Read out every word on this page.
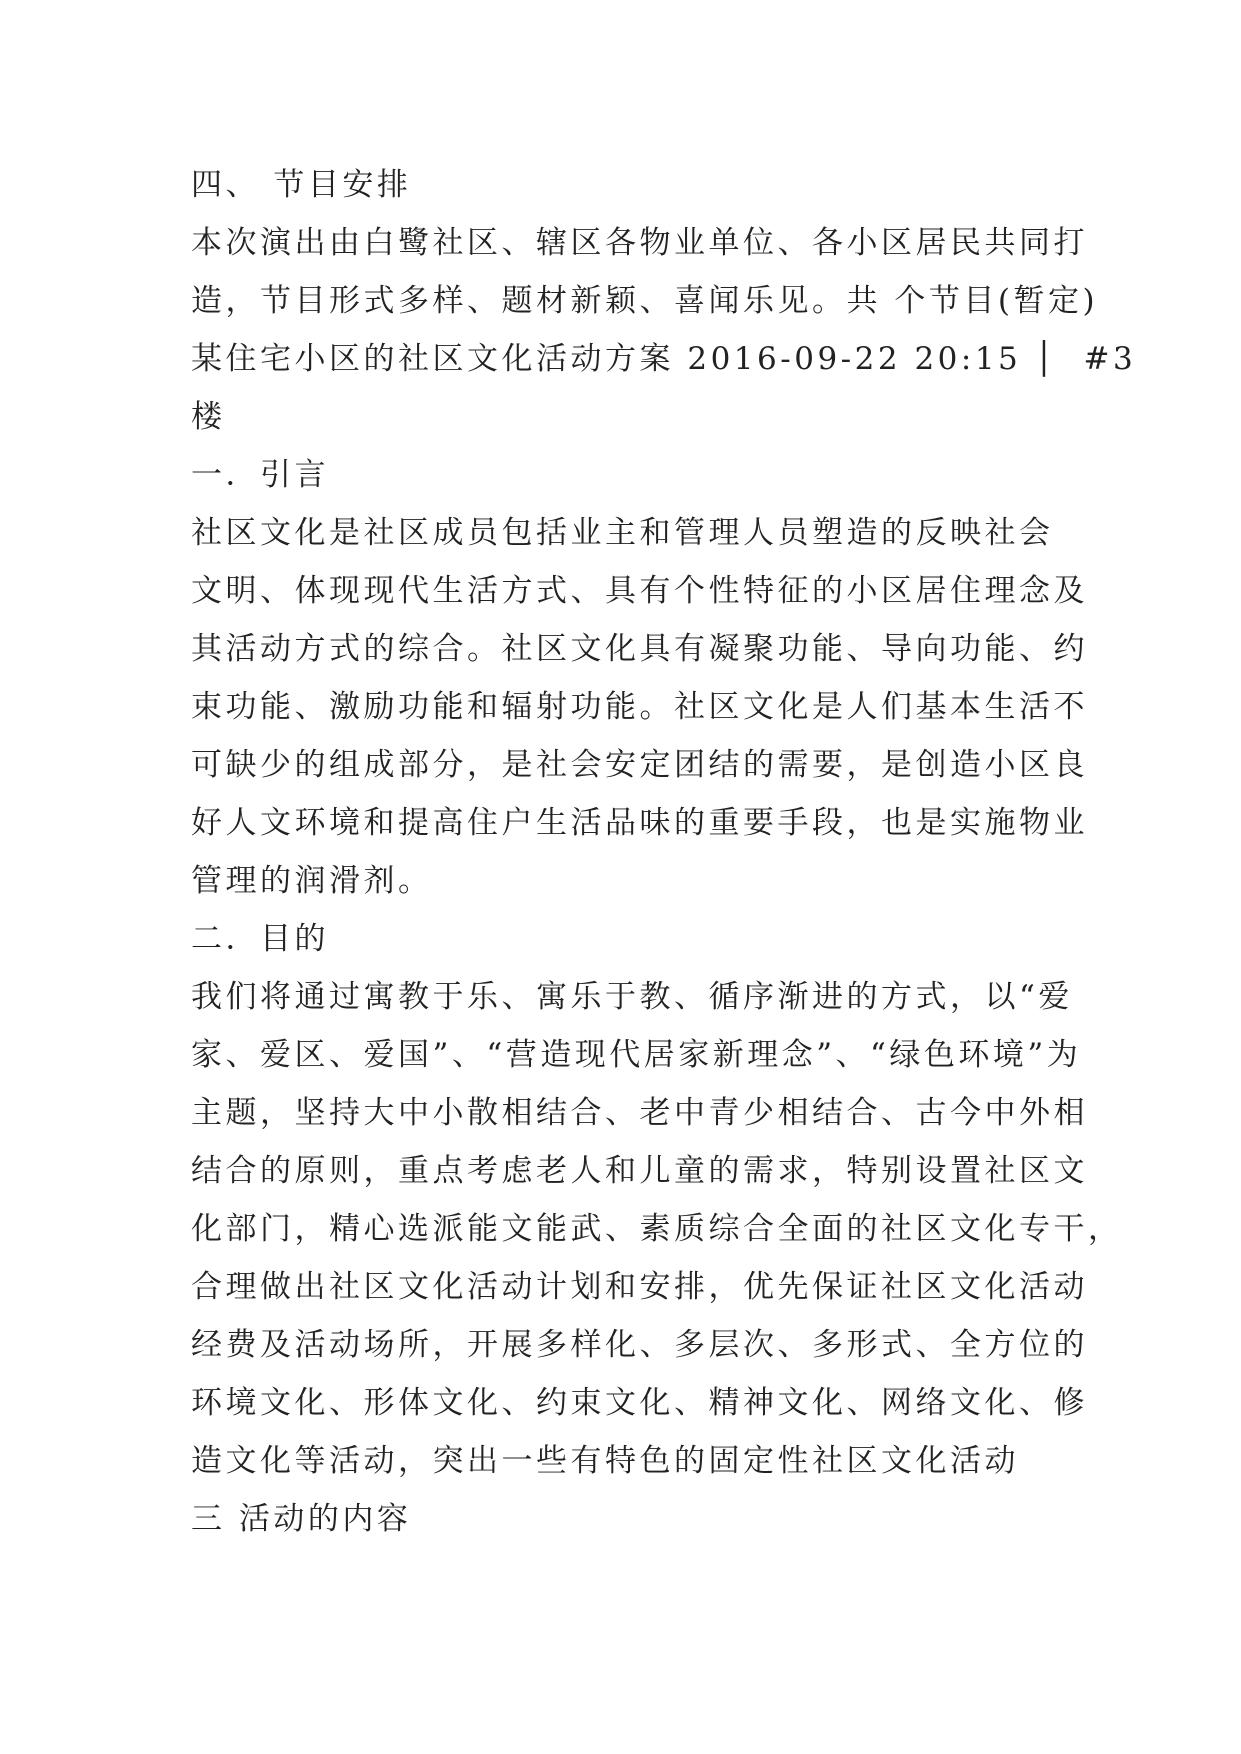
四、 节目安排
本次演出由白鹭社区、辖区各物业单位、各小区居民共同打
造，节目形式多样、题材新颖、喜闻乐见。共 个节目(暂定)
某住宅小区的社区文化活动方案 2016-09-22 20:15 │  #3
楼
一．引言
社区文化是社区成员包括业主和管理人员塑造的反映社会
文明、体现现代生活方式、具有个性特征的小区居住理念及
其活动方式的综合。社区文化具有凝聚功能、导向功能、约
束功能、激励功能和辐射功能。社区文化是人们基本生活不
可缺少的组成部分，是社会安定团结的需要，是创造小区良
好人文环境和提高住户生活品味的重要手段，也是实施物业
管理的润滑剂。
二．目的
我们将通过寓教于乐、寓乐于教、循序渐进的方式，以“爱
家、爱区、爱国”、“营造现代居家新理念”、“绿色环境”为
主题，坚持大中小散相结合、老中青少相结合、古今中外相
结合的原则，重点考虑老人和儿童的需求，特别设置社区文
化部门，精心选派能文能武、素质综合全面的社区文化专干，
合理做出社区文化活动计划和安排，优先保证社区文化活动
经费及活动场所，开展多样化、多层次、多形式、全方位的
环境文化、形体文化、约束文化、精神文化、网络文化、修
造文化等活动，突出一些有特色的固定性社区文化活动
三 活动的内容
